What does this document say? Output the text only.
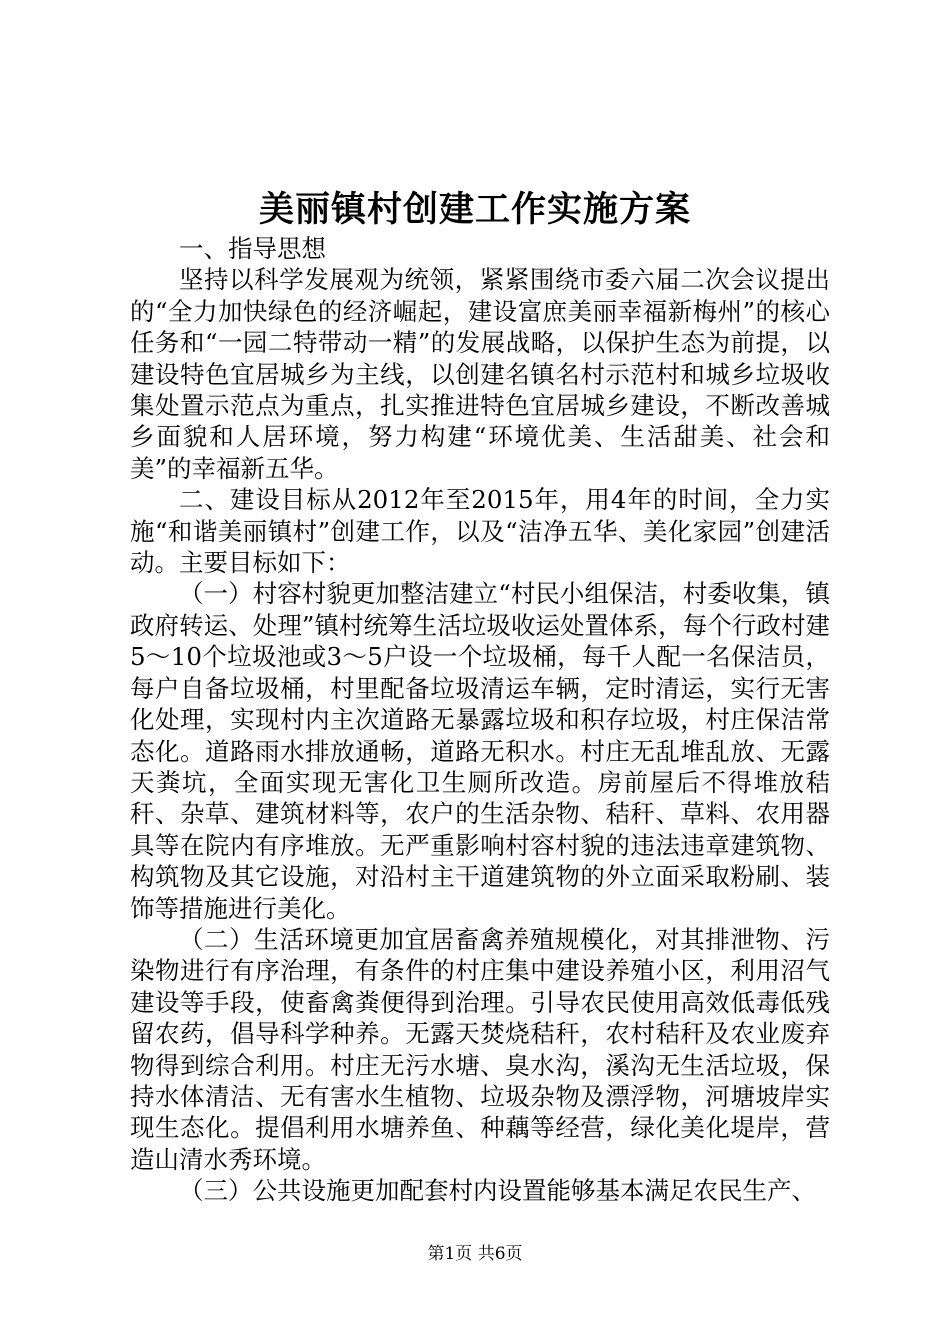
美丽镇村创建工作实施方案

一、指导思想

坚持以科学发展观为统领，紧紧围绕市委六届二次会议提出的“全力加快绿色的经济崛起，建设富庶美丽幸福新梅州”的核心任务和“一园二特带动一精”的发展战略，以保护生态为前提，以建设特色宜居城乡为主线，以创建名镇名村示范村和城乡垃圾收集处置示范点为重点，扎实推进特色宜居城乡建设，不断改善城乡面貌和人居环境，努力构建“环境优美、生活甜美、社会和美”的幸福新五华。

二、建设目标从2012年至2015年，用4年的时间，全力实施“和谐美丽镇村”创建工作，以及“洁净五华、美化家园”创建活动。主要目标如下：

（一）村容村貌更加整洁建立“村民小组保洁，村委收集，镇政府转运、处理”镇村统筹生活垃圾收运处置体系，每个行政村建5～10个垃圾池或3～5户设一个垃圾桶，每千人配一名保洁员，每户自备垃圾桶，村里配备垃圾清运车辆，定时清运，实行无害化处理，实现村内主次道路无暴露垃圾和积存垃圾，村庄保洁常态化。道路雨水排放通畅，道路无积水。村庄无乱堆乱放、无露天粪坑，全面实现无害化卫生厕所改造。房前屋后不得堆放秸秆、杂草、建筑材料等，农户的生活杂物、秸秆、草料、农用器具等在院内有序堆放。无严重影响村容村貌的违法违章建筑物、构筑物及其它设施，对沿村主干道建筑物的外立面采取粉刷、装饰等措施进行美化。

（二）生活环境更加宜居畜禽养殖规模化，对其排泄物、污染物进行有序治理，有条件的村庄集中建设养殖小区，利用沼气建设等手段，使畜禽粪便得到治理。引导农民使用高效低毒低残留农药，倡导科学种养。无露天焚烧秸秆，农村秸秆及农业废弃物得到综合利用。村庄无污水塘、臭水沟，溪沟无生活垃圾，保持水体清洁、无有害水生植物、垃圾杂物及漂浮物，河塘坡岸实现生态化。提倡利用水塘养鱼、种藕等经营，绿化美化堤岸，营造山清水秀环境。

（三）公共设施更加配套村内设置能够基本满足农民生产、

第1页 共6页
